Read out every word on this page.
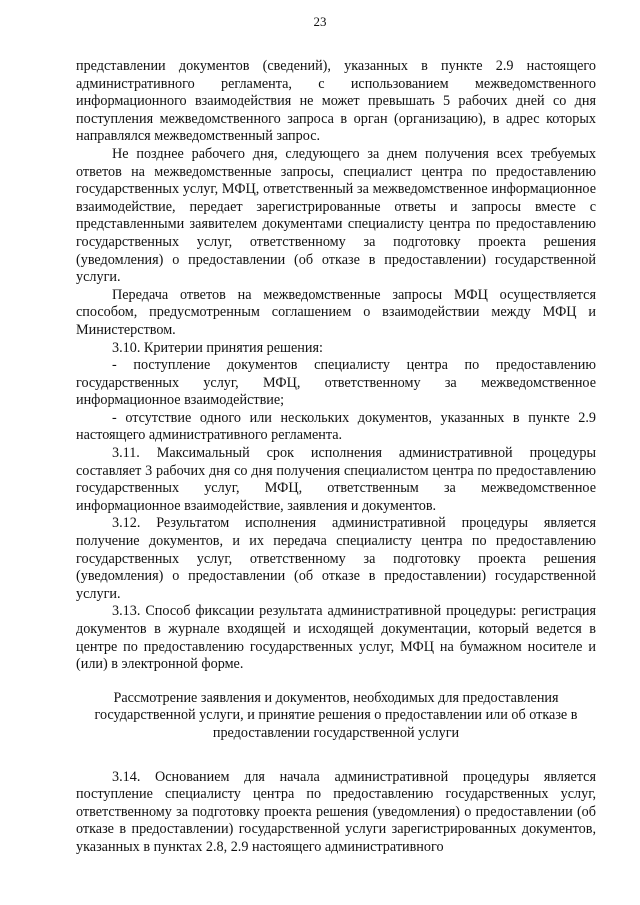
23

представлении документов (сведений), указанных в пункте 2.9 настоящего административного регламента, с использованием межведомственного информационного взаимодействия не может превышать 5 рабочих дней со дня поступления межведомственного запроса в орган (организацию), в адрес которых направлялся межведомственный запрос.

Не позднее рабочего дня, следующего за днем получения всех требуемых ответов на межведомственные запросы, специалист центра по предоставлению государственных услуг, МФЦ, ответственный за межведомственное информационное взаимодействие, передает зарегистрированные ответы и запросы вместе с представленными заявителем документами специалисту центра по предоставлению государственных услуг, ответственному за подготовку проекта решения (уведомления) о предоставлении (об отказе в предоставлении) государственной услуги.

Передача ответов на межведомственные запросы МФЦ осуществляется способом, предусмотренным соглашением о взаимодействии между МФЦ и Министерством.

3.10. Критерии принятия решения:

- поступление документов специалисту центра по предоставлению государственных услуг, МФЦ, ответственному за межведомственное информационное взаимодействие;

- отсутствие одного или нескольких документов, указанных в пункте 2.9 настоящего административного регламента.

3.11. Максимальный срок исполнения административной процедуры составляет 3 рабочих дня со дня получения специалистом центра по предоставлению государственных услуг, МФЦ, ответственным за межведомственное информационное взаимодействие, заявления и документов.

3.12. Результатом исполнения административной процедуры является получение документов, и их передача специалисту центра по предоставлению государственных услуг, ответственному за подготовку проекта решения (уведомления) о предоставлении (об отказе в предоставлении) государственной услуги.

3.13. Способ фиксации результата административной процедуры: регистрация документов в журнале входящей и исходящей документации, который ведется в центре по предоставлению государственных услуг, МФЦ на бумажном носителе и (или) в электронной форме.

Рассмотрение заявления и документов, необходимых для предоставления
государственной услуги, и принятие решения о предоставлении или об отказе в
предоставлении государственной услуги

3.14. Основанием для начала административной процедуры является поступление специалисту центра по предоставлению государственных услуг, ответственному за подготовку проекта решения (уведомления) о предоставлении (об отказе в предоставлении) государственной услуги зарегистрированных документов, указанных в пунктах 2.8, 2.9 настоящего административного
